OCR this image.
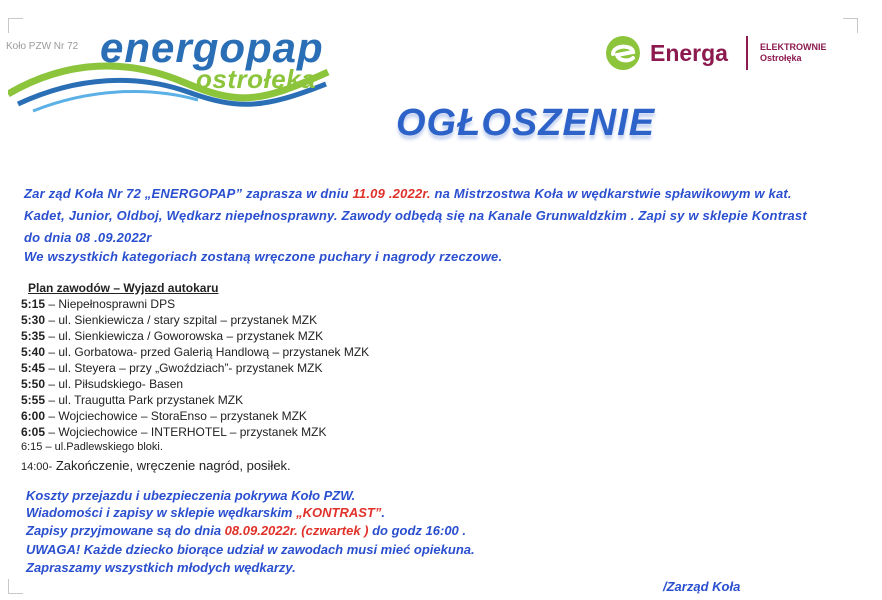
energopap
ostrołęka
Koło PZW Nr 72	Energa	ELEKTROWNIE
Ostrołęka
OGŁOSZENIE
Zar ząd Koła Nr 72 „ENERGOPAP” zaprasza w dniu 11.09 .2022r. na Mistrzostwa Koła w wędkarstwie spławikowym w kat.
Kadet, Junior, Oldboj, Wędkarz niepełnosprawny. Zawody odbędą się na Kanale Grunwaldzkim . Zapi sy w sklepie Kontrast
do dnia 08 .09.2022r
We wszystkich kategoriach zostaną wręczone puchary i nagrody rzeczowe.
Plan zawodów – Wyjazd autokaru
5:15 – Niepełnosprawni DPS
5:30 – ul. Sienkiewicza / stary szpital – przystanek MZK
5:35 – ul. Sienkiewicza / Goworowska – przystanek MZK
5:40 – ul. Gorbatowa- przed Galerią Handlową – przystanek MZK
5:45 – ul. Steyera – przy „Gwoździach”- przystanek MZK
5:50 – ul. Piłsudskiego- Basen
5:55 – ul. Traugutta Park przystanek MZK
6:00 – Wojciechowice – StoraEnso – przystanek MZK
6:05 – Wojciechowice – INTERHOTEL – przystanek MZK
6:15 – ul.Padlewskiego bloki.
14:00- Zakończenie, wręczenie nagród, posiłek.
Koszty przejazdu i ubezpieczenia pokrywa Koło PZW.
Wiadomości i zapisy w sklepie wędkarskim „KONTRAST”.
Zapisy przyjmowane są do dnia 08.09.2022r. (czwartek ) do godz 16:00 .
UWAGA! Każde dziecko biorące udział w zawodach musi mieć opiekuna.
Zapraszamy wszystkich młodych wędkarzy.
/Zarząd Koła
